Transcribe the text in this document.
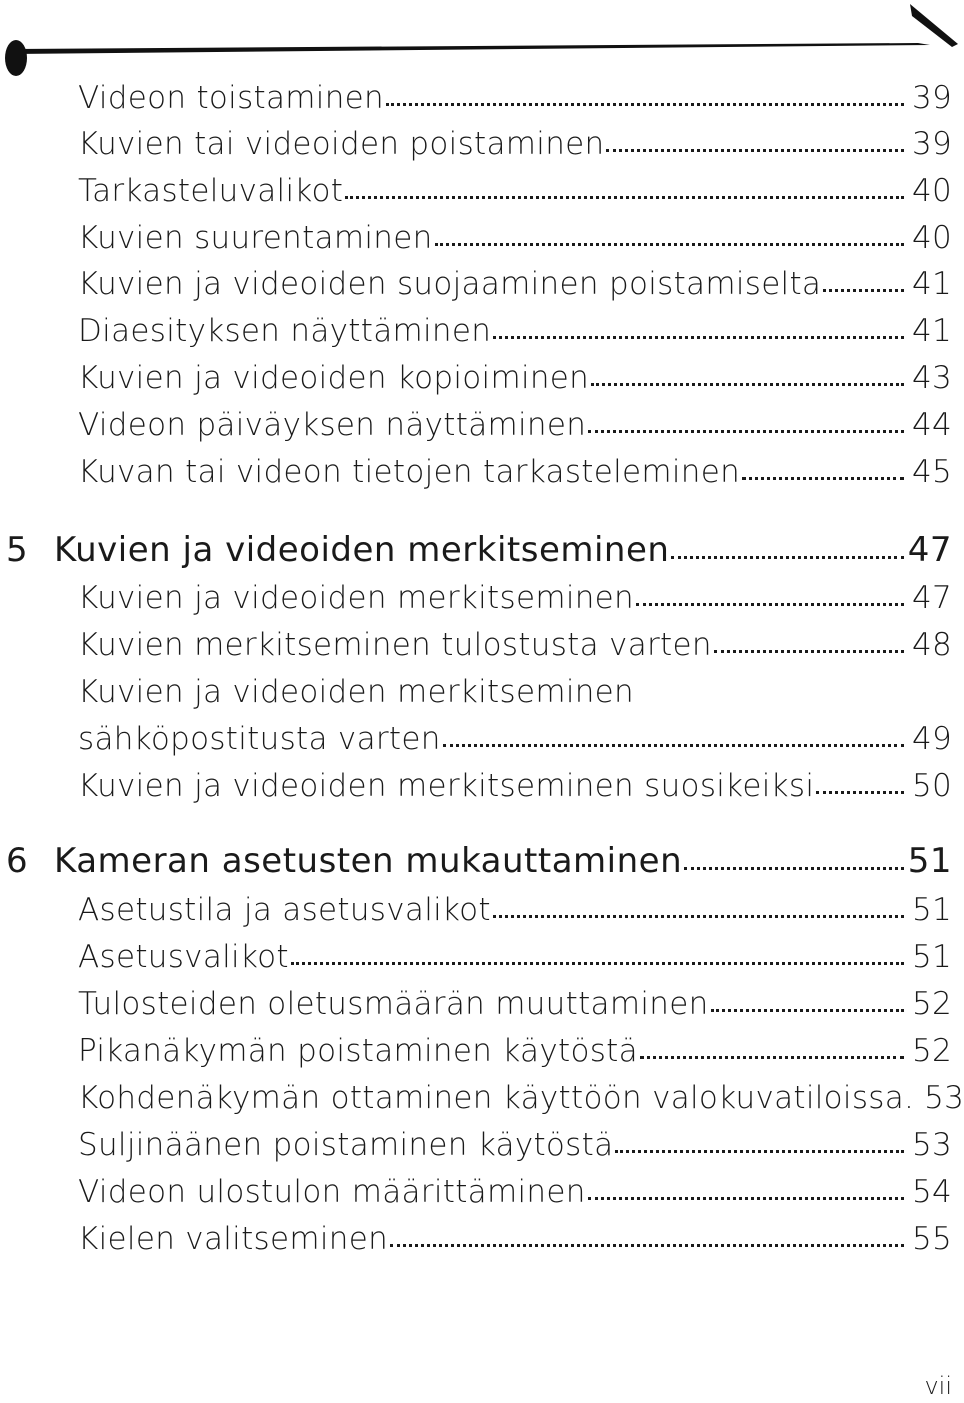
Videon toistaminen	39
Kuvien tai videoiden poistaminen	39
Tarkasteluvalikot	40
Kuvien suurentaminen	40
Kuvien ja videoiden suojaaminen poistamiselta	41
Diaesityksen näyttäminen	41
Kuvien ja videoiden kopioiminen	43
Videon päiväyksen näyttäminen	44
Kuvan tai videon tietojen tarkasteleminen	45
5 Kuvien ja videoiden merkitseminen	47
Kuvien ja videoiden merkitseminen	47
Kuvien merkitseminen tulostusta varten	48
Kuvien ja videoiden merkitseminen
sähköpostitusta varten	49
Kuvien ja videoiden merkitseminen suosikeiksi	50
6 Kameran asetusten mukauttaminen	51
Asetustila ja asetusvalikot	51
Asetusvalikot	51
Tulosteiden oletusmäärän muuttaminen	52
Pikanäkymän poistaminen käytöstä	52
Kohdenäkymän ottaminen käyttöön valokuvatiloissa. 53
Suljinäänen poistaminen käytöstä	53
Videon ulostulon määrittäminen	54
Kielen valitseminen	55
vii
